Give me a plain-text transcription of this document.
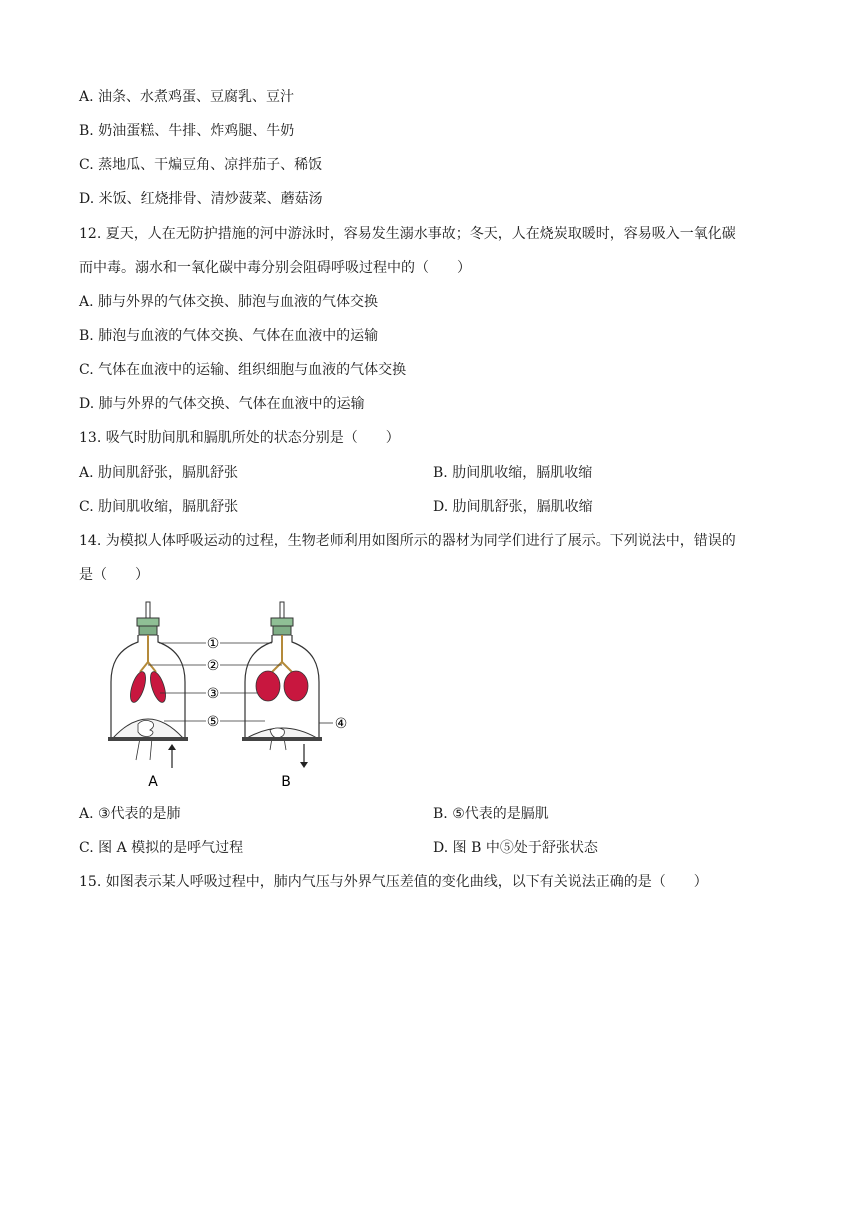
A. 油条、水煮鸡蛋、豆腐乳、豆汁
B. 奶油蛋糕、牛排、炸鸡腿、牛奶
C. 蒸地瓜、干煸豆角、凉拌茄子、稀饭
D. 米饭、红烧排骨、清炒菠菜、蘑菇汤
12. 夏天，人在无防护措施的河中游泳时，容易发生溺水事故；冬天，人在烧炭取暖时，容易吸入一氧化碳
而中毒。溺水和一氧化碳中毒分别会阻碍呼吸过程中的（　　）
A. 肺与外界的气体交换、肺泡与血液的气体交换
B. 肺泡与血液的气体交换、气体在血液中的运输
C. 气体在血液中的运输、组织细胞与血液的气体交换
D. 肺与外界的气体交换、气体在血液中的运输
13. 吸气时肋间肌和膈肌所处的状态分别是（　　）
A. 肋间肌舒张，膈肌舒张	B. 肋间肌收缩，膈肌收缩
C. 肋间肌收缩，膈肌舒张	D. 肋间肌舒张，膈肌收缩
14. 为模拟人体呼吸运动的过程，生物老师利用如图所示的器材为同学们进行了展示。下列说法中，错误的
是（　　）
①
②
③
⑤	④
A	B
A. ③代表的是肺	B. ⑤代表的是膈肌
C. 图 A 模拟的是呼气过程	D. 图 B 中⑤处于舒张状态
15. 如图表示某人呼吸过程中，肺内气压与外界气压差值的变化曲线，以下有关说法正确的是（　　）
